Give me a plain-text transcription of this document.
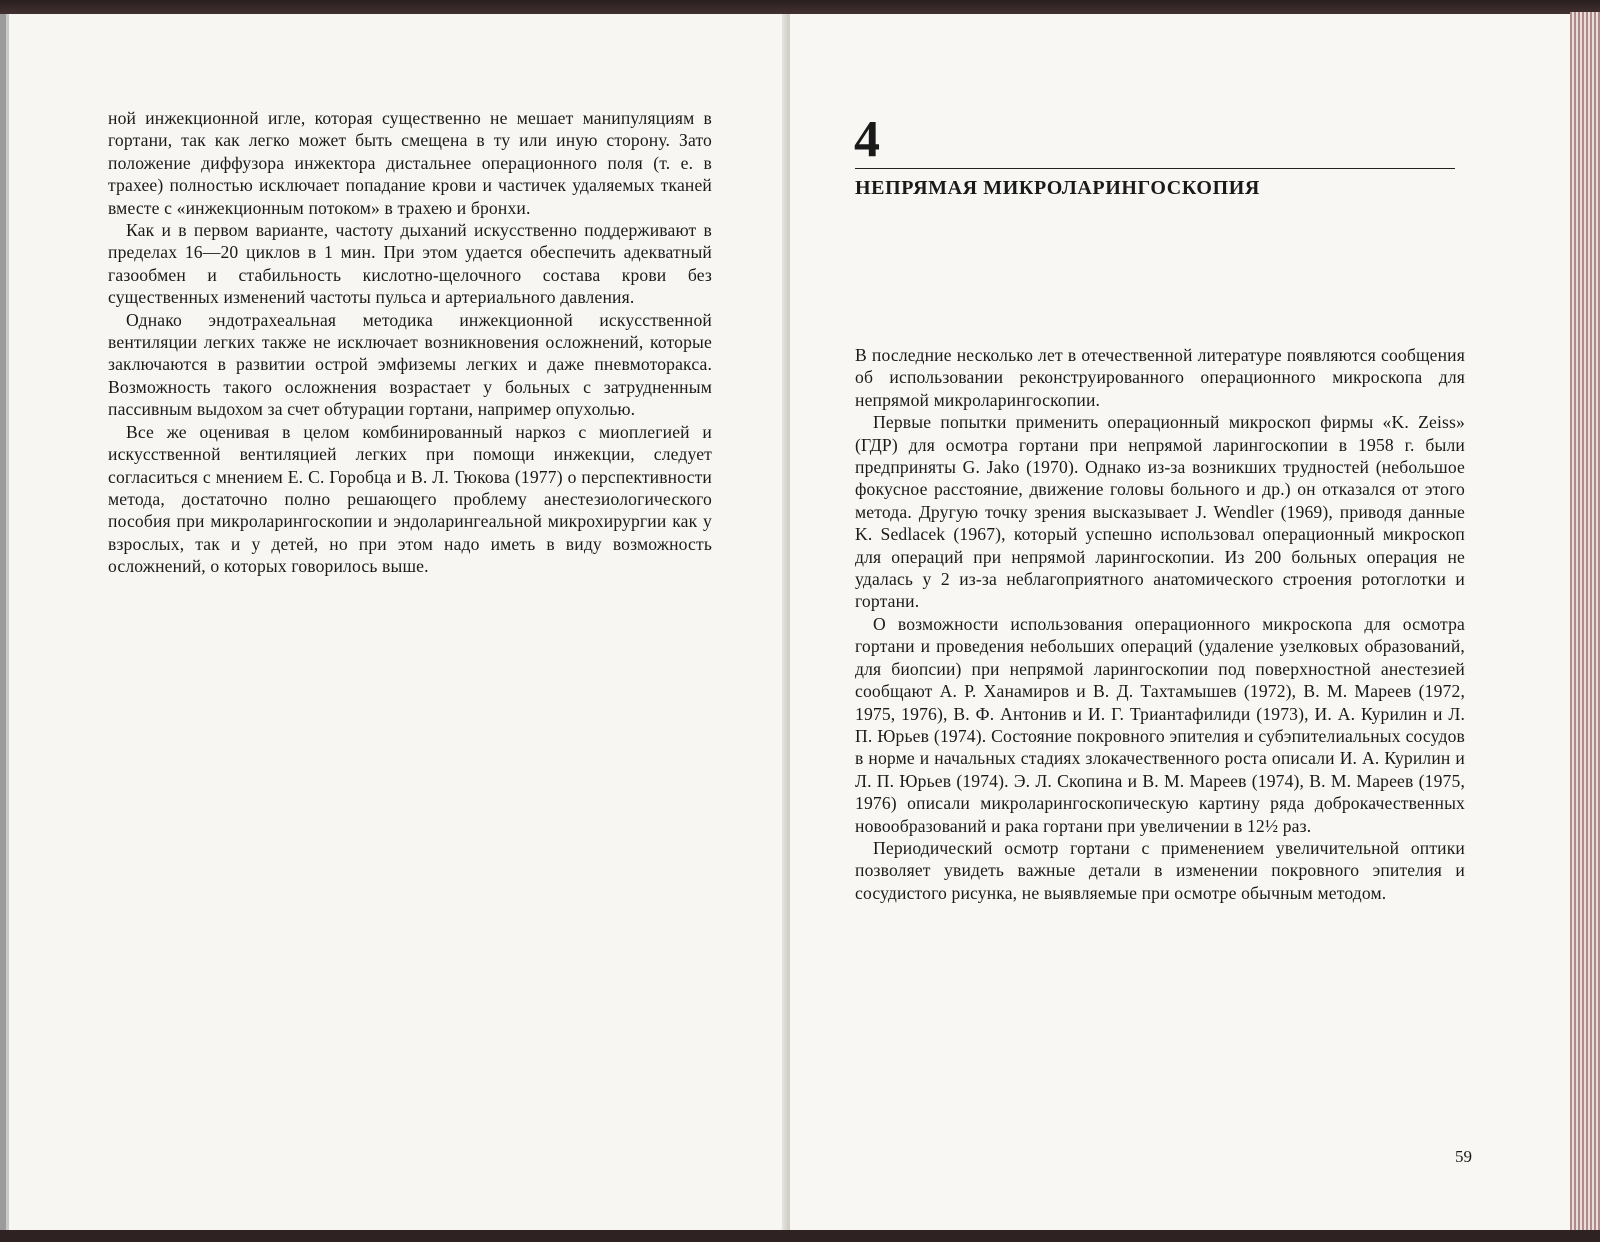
ной инжекционной игле, которая существенно не мешает манипуляциям в гортани, так как легко может быть смещена в ту или иную сторону. Зато положение диффузора инжектора дистальнее операционного поля (т. е. в трахее) полностью исключает попадание крови и частичек удаляемых тканей вместе с «инжекционным потоком» в трахею и бронхи.

Как и в первом варианте, частоту дыханий искусственно поддерживают в пределах 16—20 циклов в 1 мин. При этом удается обеспечить адекватный газообмен и стабильность кислотно-щелочного состава крови без существенных изменений частоты пульса и артериального давления.

Однако эндотрахеальная методика инжекционной искусственной вентиляции легких также не исключает возникновения осложнений, которые заключаются в развитии острой эмфиземы легких и даже пневмоторакса. Возможность такого осложнения возрастает у больных с затрудненным пассивным выдохом за счет обтурации гортани, например опухолью.

Все же оценивая в целом комбинированный наркоз с миоплегией и искусственной вентиляцией легких при помощи инжекции, следует согласиться с мнением Е. С. Горобца и В. Л. Тюкова (1977) о перспективности метода, достаточно полно решающего проблему анестезиологического пособия при микроларингоскопии и эндоларингеальной микрохирургии как у взрослых, так и у детей, но при этом надо иметь в виду возможность осложнений, о которых говорилось выше.

4
НЕПРЯМАЯ МИКРОЛАРИНГОСКОПИЯ

В последние несколько лет в отечественной литературе появляются сообщения об использовании реконструированного операционного микроскопа для непрямой микроларингоскопии.

Первые попытки применить операционный микроскоп фирмы «K. Zeiss» (ГДР) для осмотра гортани при непрямой ларингоскопии в 1958 г. были предприняты G. Jako (1970). Однако из-за возникших трудностей (небольшое фокусное расстояние, движение головы больного и др.) он отказался от этого метода. Другую точку зрения высказывает J. Wendler (1969), приводя данные K. Sedlacek (1967), который успешно использовал операционный микроскоп для операций при непрямой ларингоскопии. Из 200 больных операция не удалась у 2 из-за неблагоприятного анатомического строения ротоглотки и гортани.

О возможности использования операционного микроскопа для осмотра гортани и проведения небольших операций (удаление узелковых образований, для биопсии) при непрямой ларингоскопии под поверхностной анестезией сообщают А. Р. Ханамиров и В. Д. Тахтамышев (1972), В. М. Мареев (1972, 1975, 1976), В. Ф. Антонив и И. Г. Триантафилиди (1973), И. А. Курилин и Л. П. Юрьев (1974). Состояние покровного эпителия и субэпителиальных сосудов в норме и начальных стадиях злокачественного роста описали И. А. Курилин и Л. П. Юрьев (1974). Э. Л. Скопина и В. М. Мареев (1974), В. М. Мареев (1975, 1976) описали микроларингоскопическую картину ряда доброкачественных новообразований и рака гортани при увеличении в 12½ раз.

Периодический осмотр гортани с применением увеличительной оптики позволяет увидеть важные детали в изменении покровного эпителия и сосудистого рисунка, не выявляемые при осмотре обычным методом.

59
